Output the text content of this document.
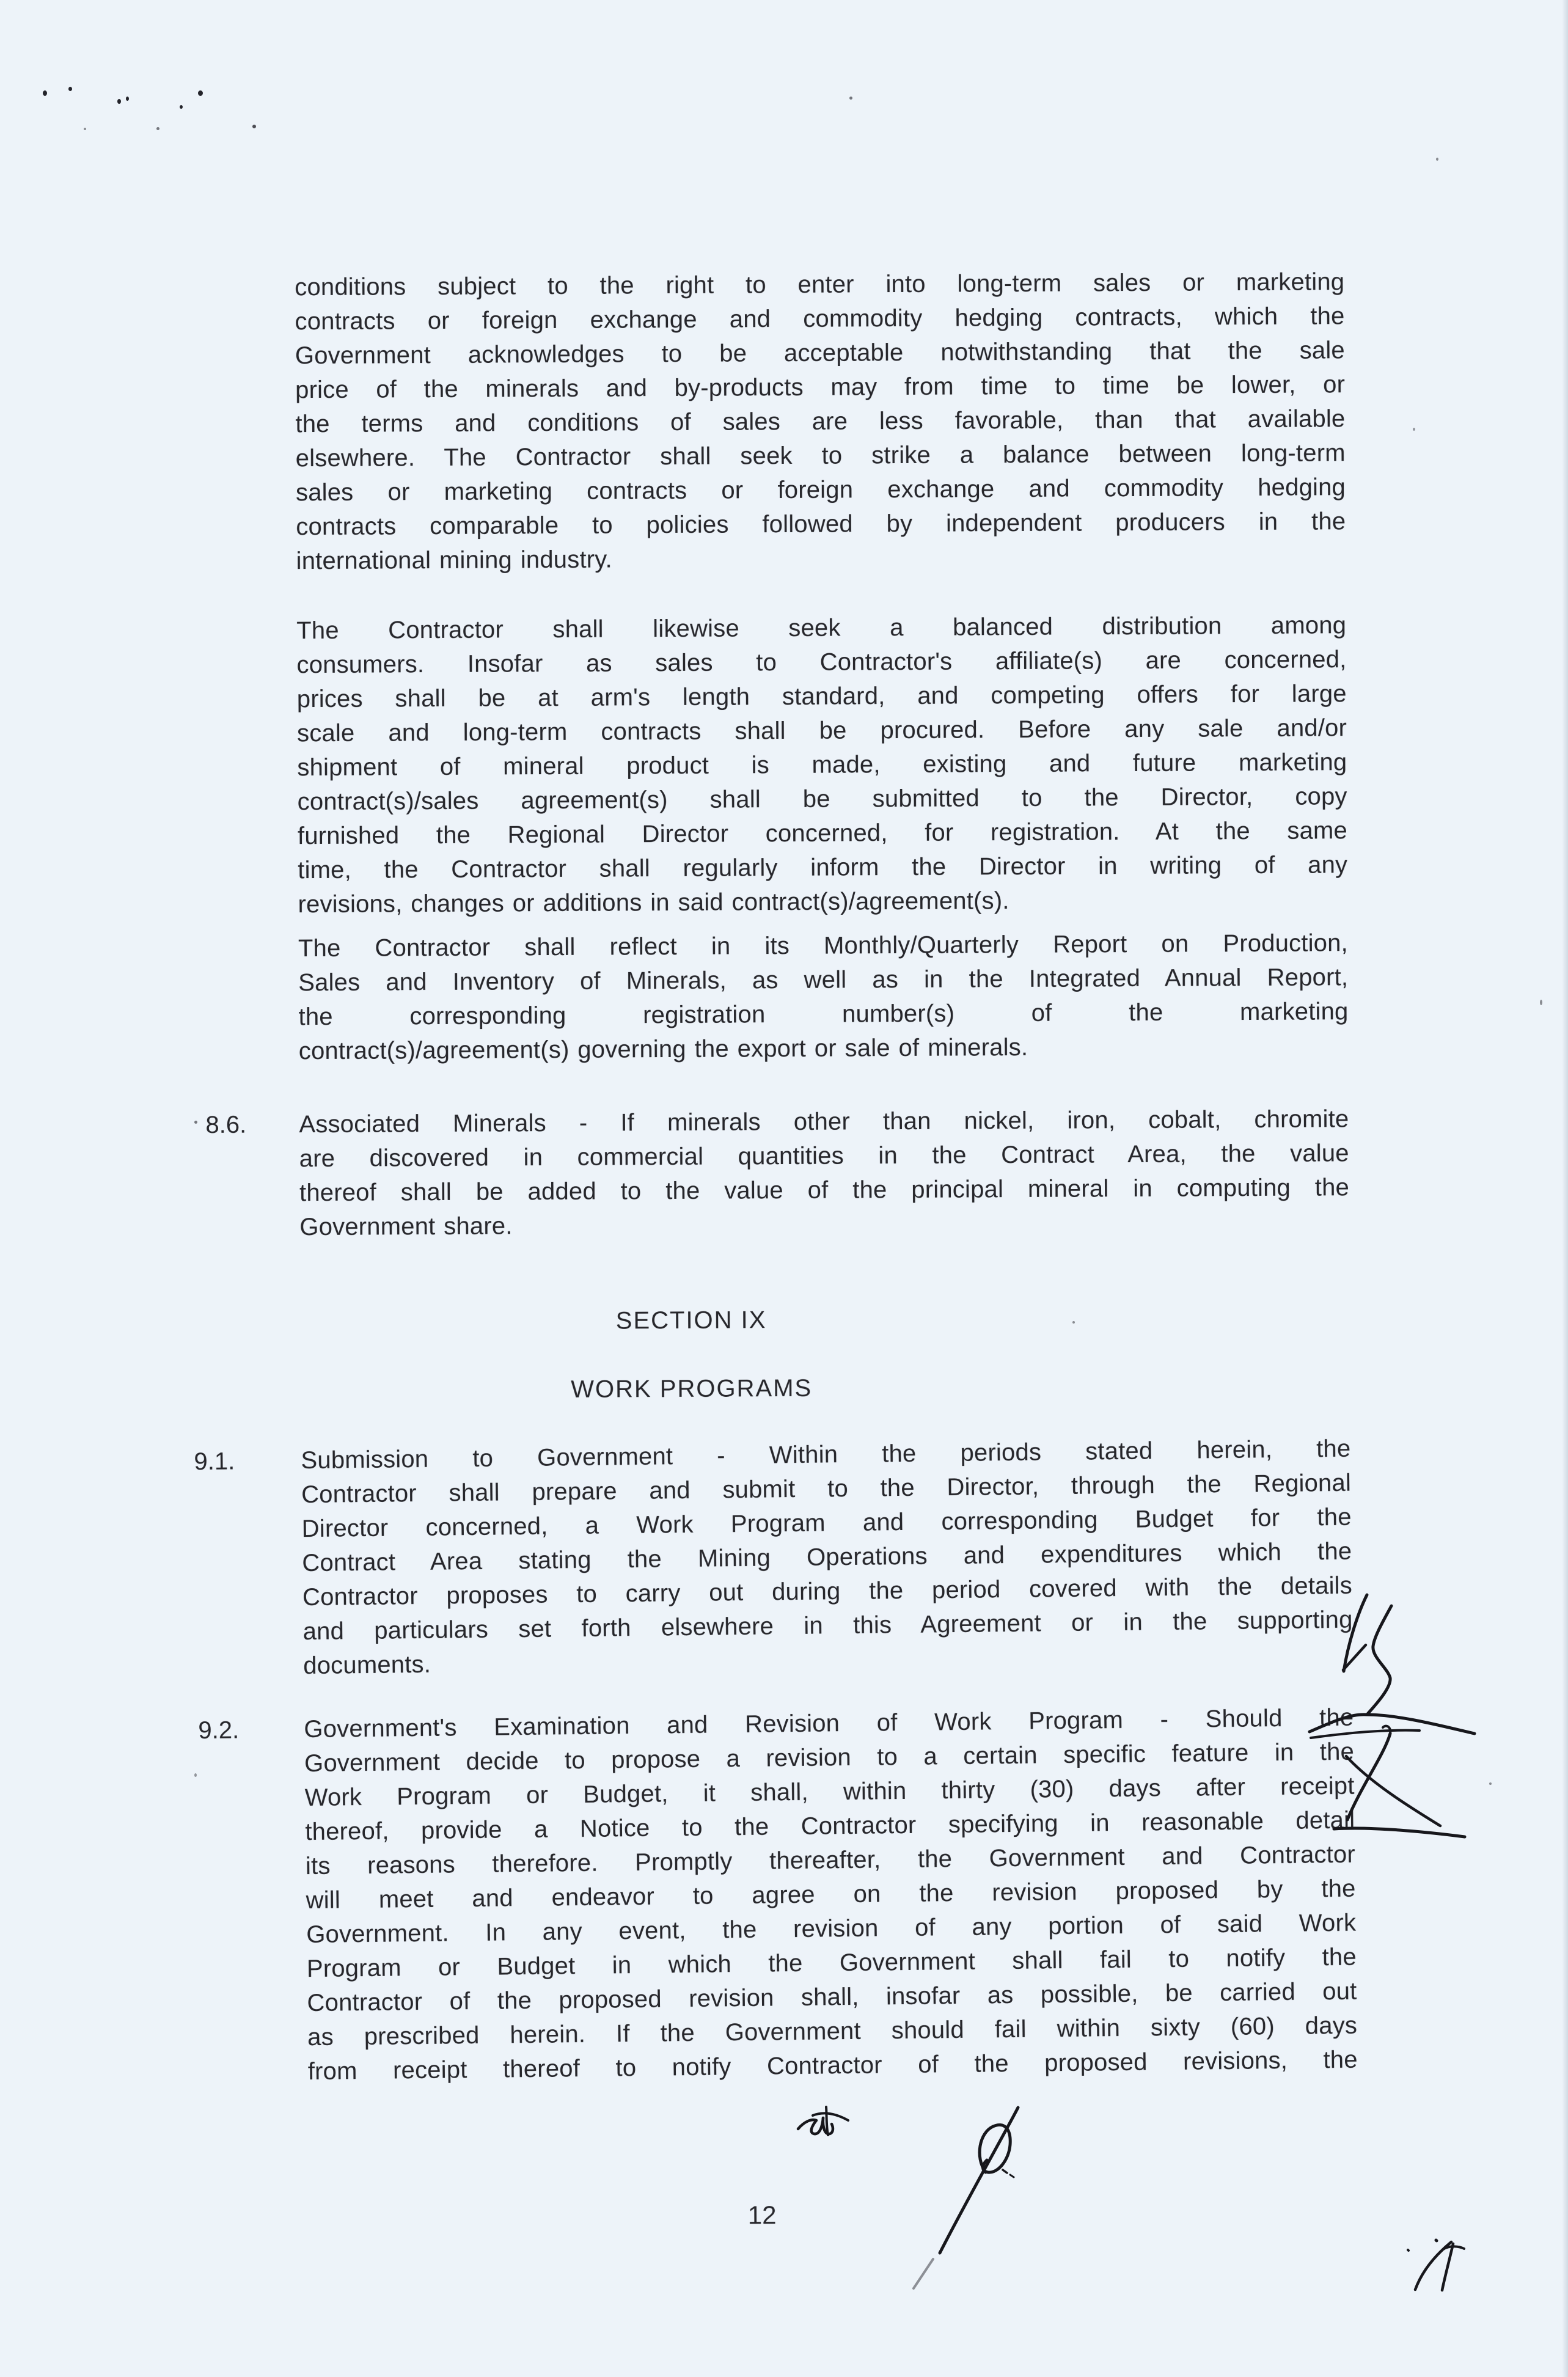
conditions subject to the right to enter into long-term sales or marketing
contracts or foreign exchange and commodity hedging contracts, which the
Government acknowledges to be acceptable notwithstanding that the sale
price of the minerals and by-products may from time to time be lower, or
the terms and conditions of sales are less favorable, than that available
elsewhere. The Contractor shall seek to strike a balance between long-term
sales or marketing contracts or foreign exchange and commodity hedging
contracts comparable to policies followed by independent producers in the
international mining industry.
The Contractor shall likewise seek a balanced distribution among
consumers. Insofar as sales to Contractor's affiliate(s) are concerned,
prices shall be at arm's length standard, and competing offers for large
scale and long-term contracts shall be procured. Before any sale and/or
shipment of mineral product is made, existing and future marketing
contract(s)/sales agreement(s) shall be submitted to the Director, copy
furnished the Regional Director concerned, for registration. At the same
time, the Contractor shall regularly inform the Director in writing of any
revisions, changes or additions in said contract(s)/agreement(s).
The Contractor shall reflect in its Monthly/Quarterly Report on Production,
Sales and Inventory of Minerals, as well as in the Integrated Annual Report,
the corresponding registration number(s) of the marketing
contract(s)/agreement(s) governing the export or sale of minerals.
8.6. Associated Minerals - If minerals other than nickel, iron, cobalt, chromite
are discovered in commercial quantities in the Contract Area, the value
thereof shall be added to the value of the principal mineral in computing the
Government share.
SECTION IX
WORK PROGRAMS
9.1.	Submission to Government - Within the periods stated herein, the
Contractor shall prepare and submit to the Director, through the Regional
Director concerned, a Work Program and corresponding Budget for the
Contract Area stating the Mining Operations and expenditures which the
Contractor proposes to carry out during the period covered with the details
and particulars set forth elsewhere in this Agreement or in the supporting
documents.
9.2.	Government's Examination and Revision of Work Program - Should the
Government decide to propose a revision to a certain specific feature in the
Work Program or Budget, it shall, within thirty (30) days after receipt
thereof, provide a Notice to the Contractor specifying in reasonable detail
its reasons therefore. Promptly thereafter, the Government and Contractor
will meet and endeavor to agree on the revision proposed by the
Government. In any event, the revision of any portion of said Work
Program or Budget in which the Government shall fail to notify the
Contractor of the proposed revision shall, insofar as possible, be carried out
as prescribed herein. If the Government should fail within sixty (60) days
from receipt thereof to notify Contractor of the proposed revisions, the
12
